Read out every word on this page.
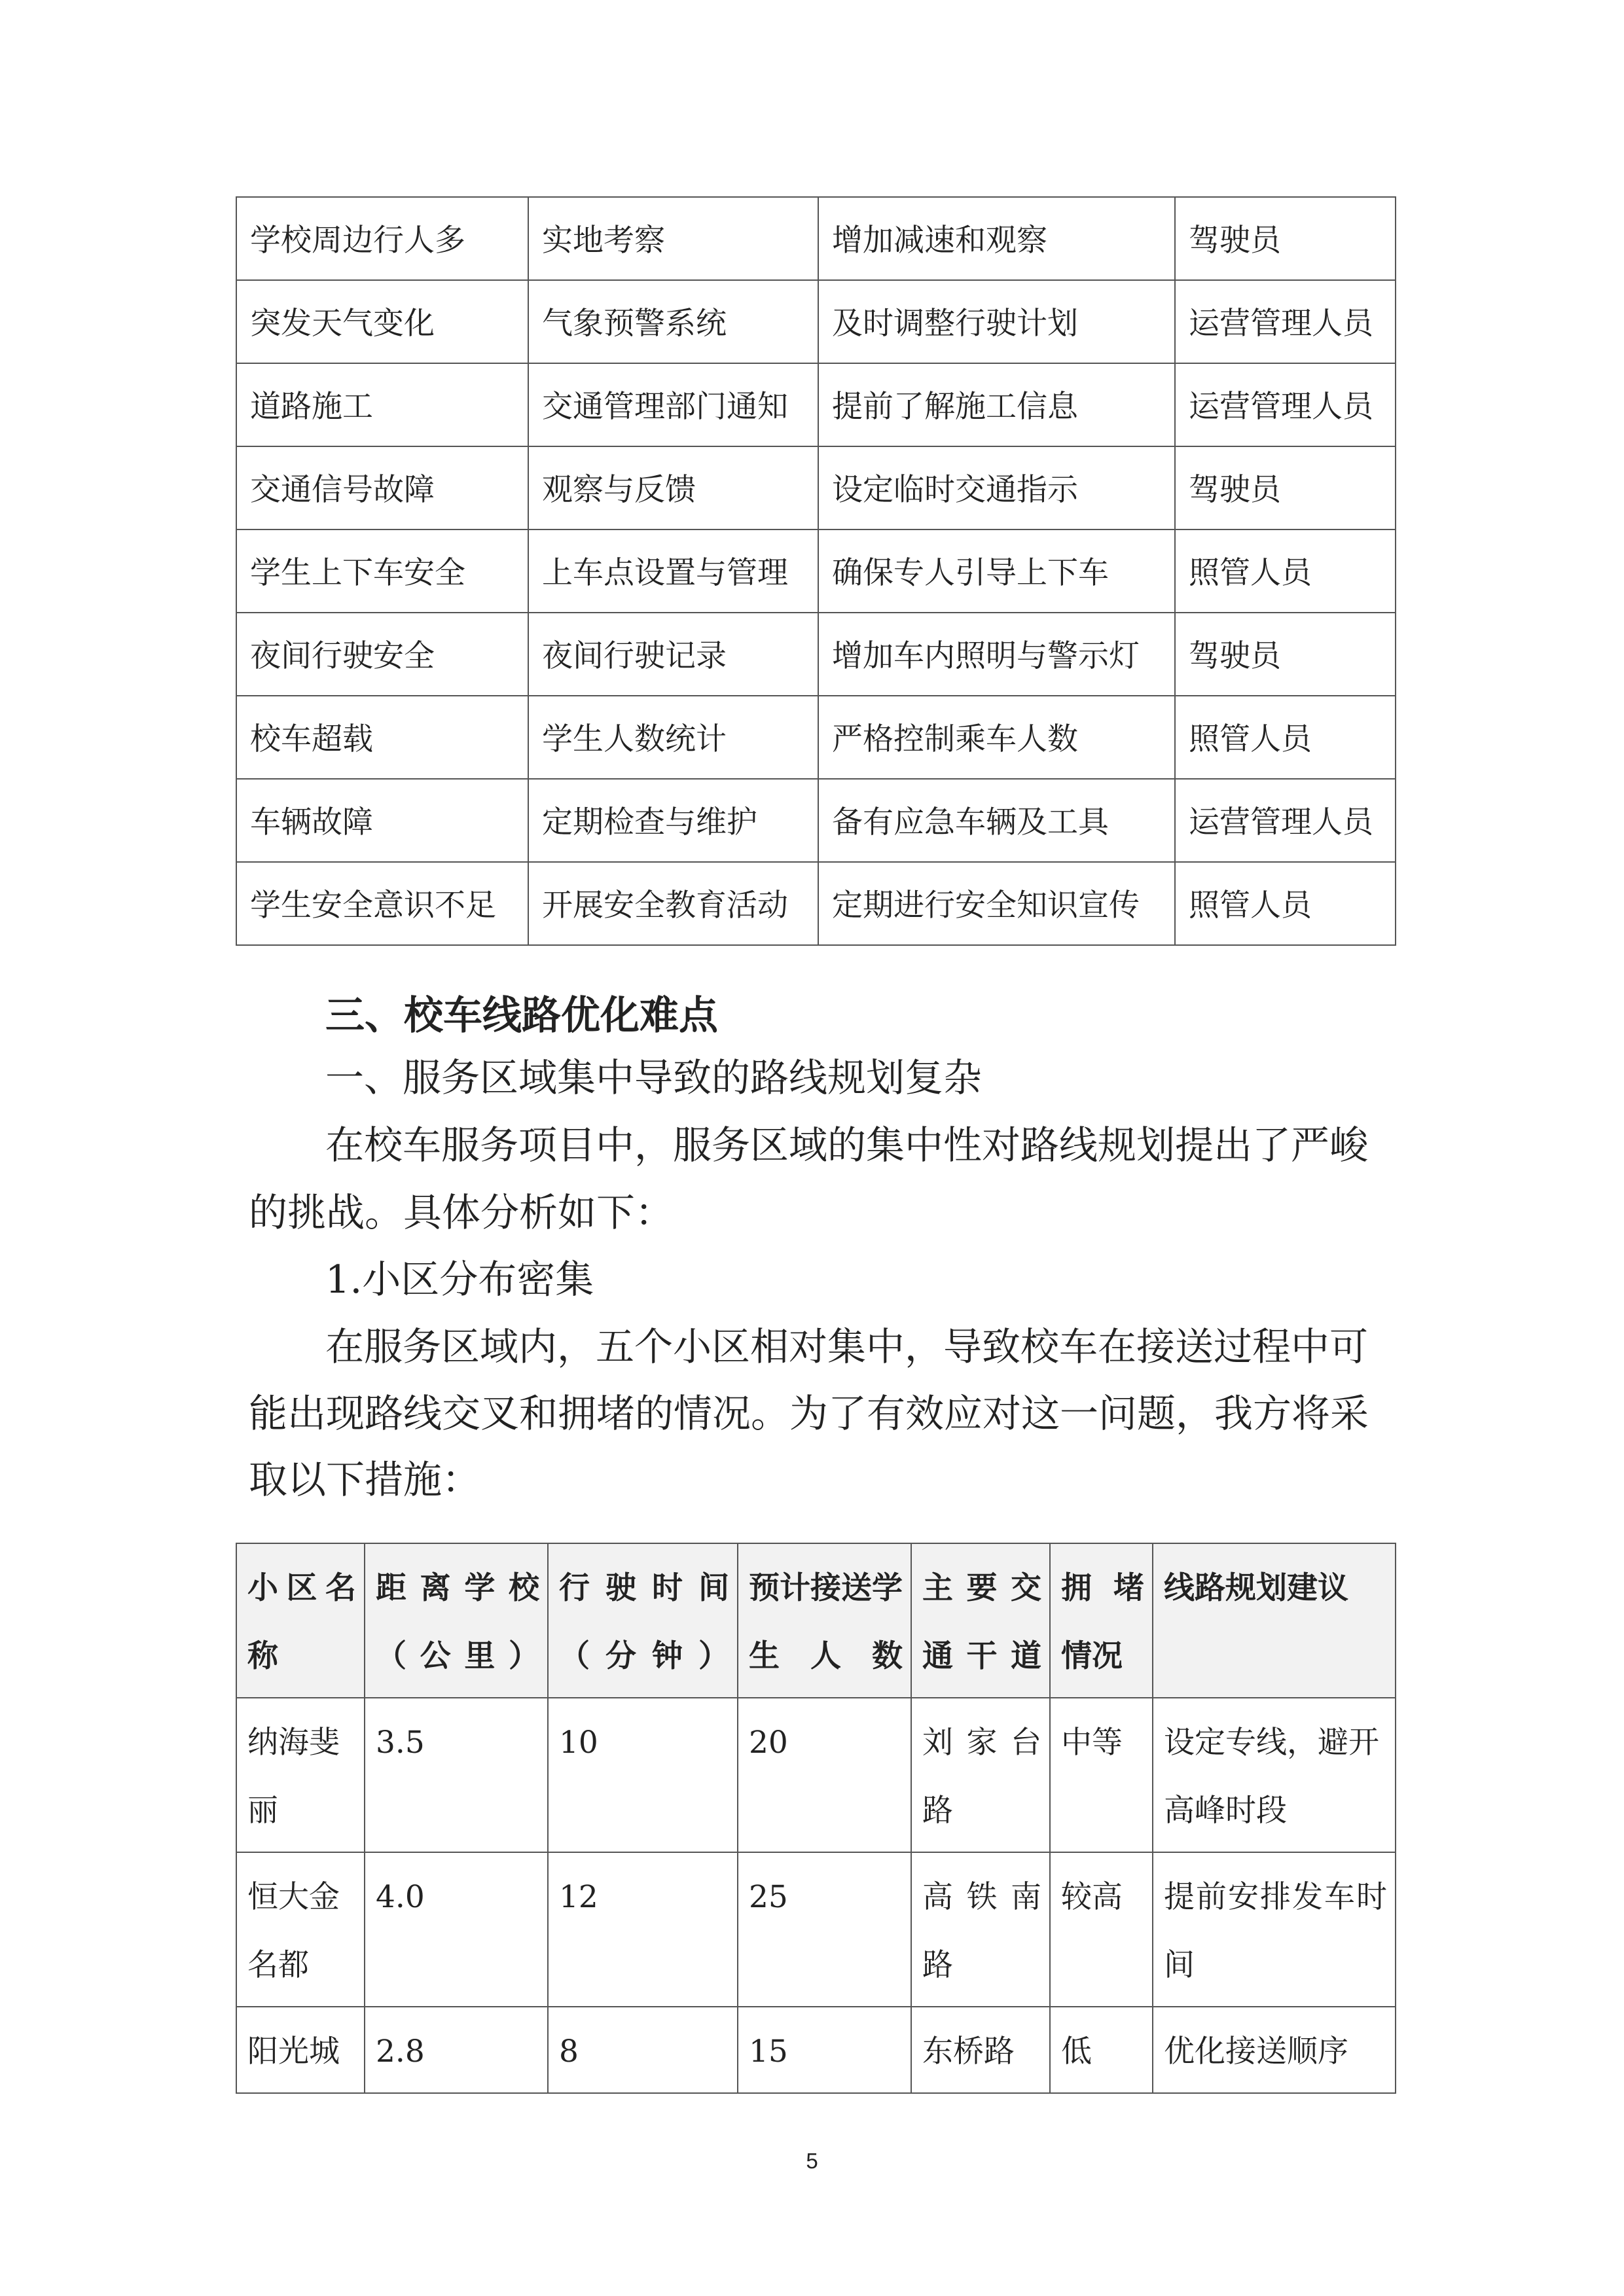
学校周边行人多	实地考察	增加减速和观察	驾驶员
突发天气变化	气象预警系统	及时调整行驶计划	运营管理人员
道路施工	交通管理部门通知	提前了解施工信息	运营管理人员
交通信号故障	观察与反馈	设定临时交通指示	驾驶员
学生上下车安全	上车点设置与管理	确保专人引导上下车	照管人员
夜间行驶安全	夜间行驶记录	增加车内照明与警示灯	驾驶员
校车超载	学生人数统计	严格控制乘车人数	照管人员
车辆故障	定期检查与维护	备有应急车辆及工具	运营管理人员
学生安全意识不足	开展安全教育活动	定期进行安全知识宣传	照管人员
三、校车线路优化难点
一、服务区域集中导致的路线规划复杂
在校车服务项目中，服务区域的集中性对路线规划提出了严峻
的挑战。具体分析如下：
1.小区分布密集
在服务区域内，五个小区相对集中，导致校车在接送过程中可
能出现路线交叉和拥堵的情况。为了有效应对这一问题，我方将采
取以下措施：
小区名称	距离学校（公里）	行驶时间（分钟）	预计接送学生人数	主要交通干道	拥堵情况	线路规划建议
纳海斐丽	3.5	10	20	刘家台路	中等	设定专线，避开高峰时段
恒大金名都	4.0	12	25	高铁南路	较高	提前安排发车时间
阳光城	2.8	8	15	东桥路	低	优化接送顺序
5
